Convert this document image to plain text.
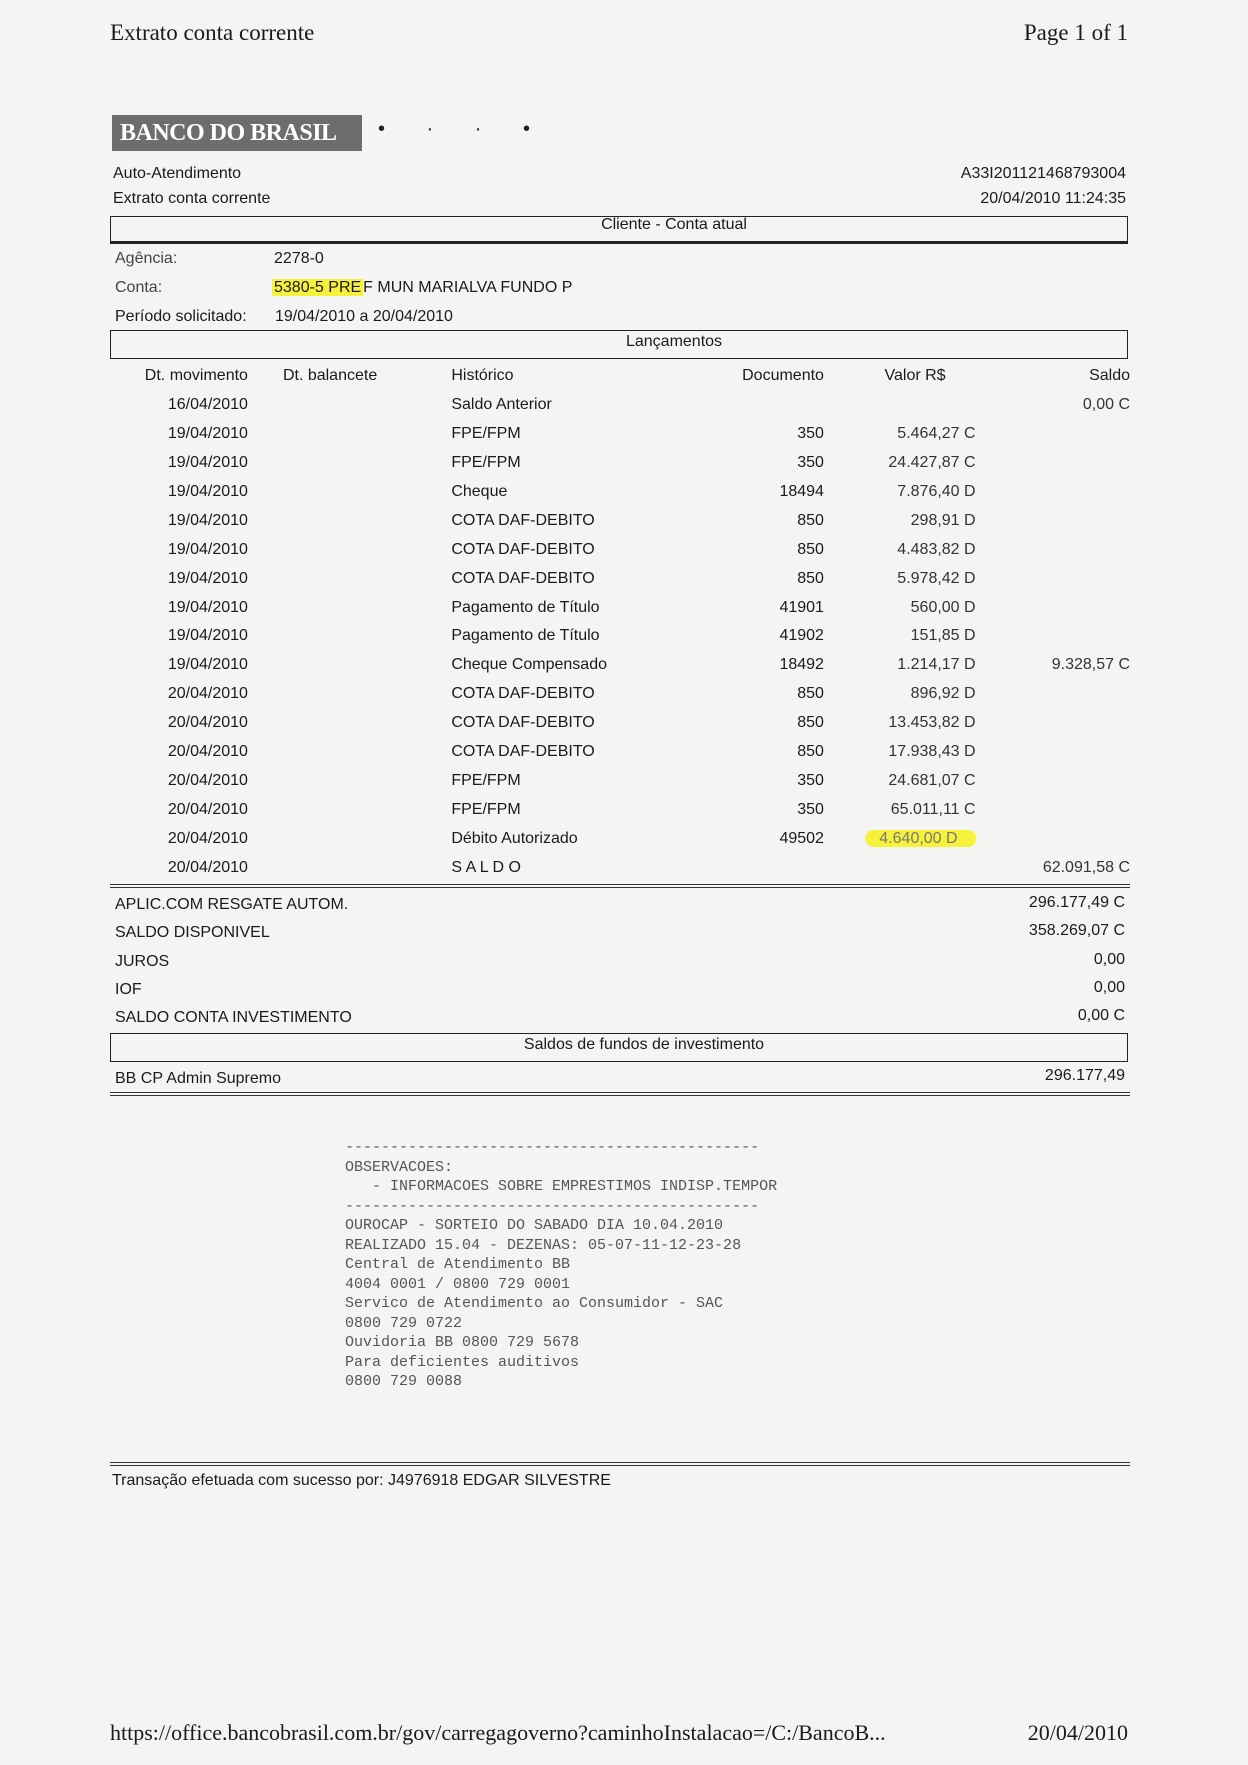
Extrato conta corrente	Page 1 of 1
BANCO DO BRASIL	• · · •
Auto-Atendimento
Extrato conta corrente
A33I201121468793004
20/04/2010 11:24:35
Cliente - Conta atual
Agência:	2278-0
Conta:	5380-5 PRE F MUN MARIALVA FUNDO P
Período solicitado: 19/04/2010 a 20/04/2010
Lançamentos
Dt. movimento	Dt. balancete	Histórico	Documento	Valor R$	Saldo
16/04/2010		Saldo Anterior			0,00 C
19/04/2010		FPE/FPM	350	5.464,27 C	
19/04/2010		FPE/FPM	350	24.427,87 C	
19/04/2010		Cheque	18494	7.876,40 D	
19/04/2010		COTA DAF-DEBITO	850	298,91 D	
19/04/2010		COTA DAF-DEBITO	850	4.483,82 D	
19/04/2010		COTA DAF-DEBITO	850	5.978,42 D	
19/04/2010		Pagamento de Título	41901	560,00 D	
19/04/2010		Pagamento de Título	41902	151,85 D	
19/04/2010		Cheque Compensado	18492	1.214,17 D	9.328,57 C
20/04/2010		COTA DAF-DEBITO	850	896,92 D	
20/04/2010		COTA DAF-DEBITO	850	13.453,82 D	
20/04/2010		COTA DAF-DEBITO	850	17.938,43 D	
20/04/2010		FPE/FPM	350	24.681,07 C	
20/04/2010		FPE/FPM	350	65.011,11 C	
20/04/2010		Débito Autorizado	49502	4.640,00 D	
20/04/2010		S A L D O			62.091,58 C
APLIC.COM RESGATE AUTOM.	296.177,49 C
SALDO DISPONIVEL	358.269,07 C
JUROS	0,00
IOF	0,00
SALDO CONTA INVESTIMENTO	0,00 C
Saldos de fundos de investimento
BB CP Admin Supremo	296.177,49
----------------------------------------------
OBSERVACOES:
- INFORMACOES SOBRE EMPRESTIMOS INDISP.TEMPOR
----------------------------------------------
OUROCAP - SORTEIO DO SABADO DIA 10.04.2010
REALIZADO 15.04 - DEZENAS: 05-07-11-12-23-28
Central de Atendimento BB
4004 0001 / 0800 729 0001
Servico de Atendimento ao Consumidor - SAC
0800 729 0722
Ouvidoria BB 0800 729 5678
Para deficientes auditivos
0800 729 0088
Transação efetuada com sucesso por: J4976918 EDGAR SILVESTRE
https://office.bancobrasil.com.br/gov/carregagoverno?caminhoInstalacao=/C:/BancoB...	20/04/2010
